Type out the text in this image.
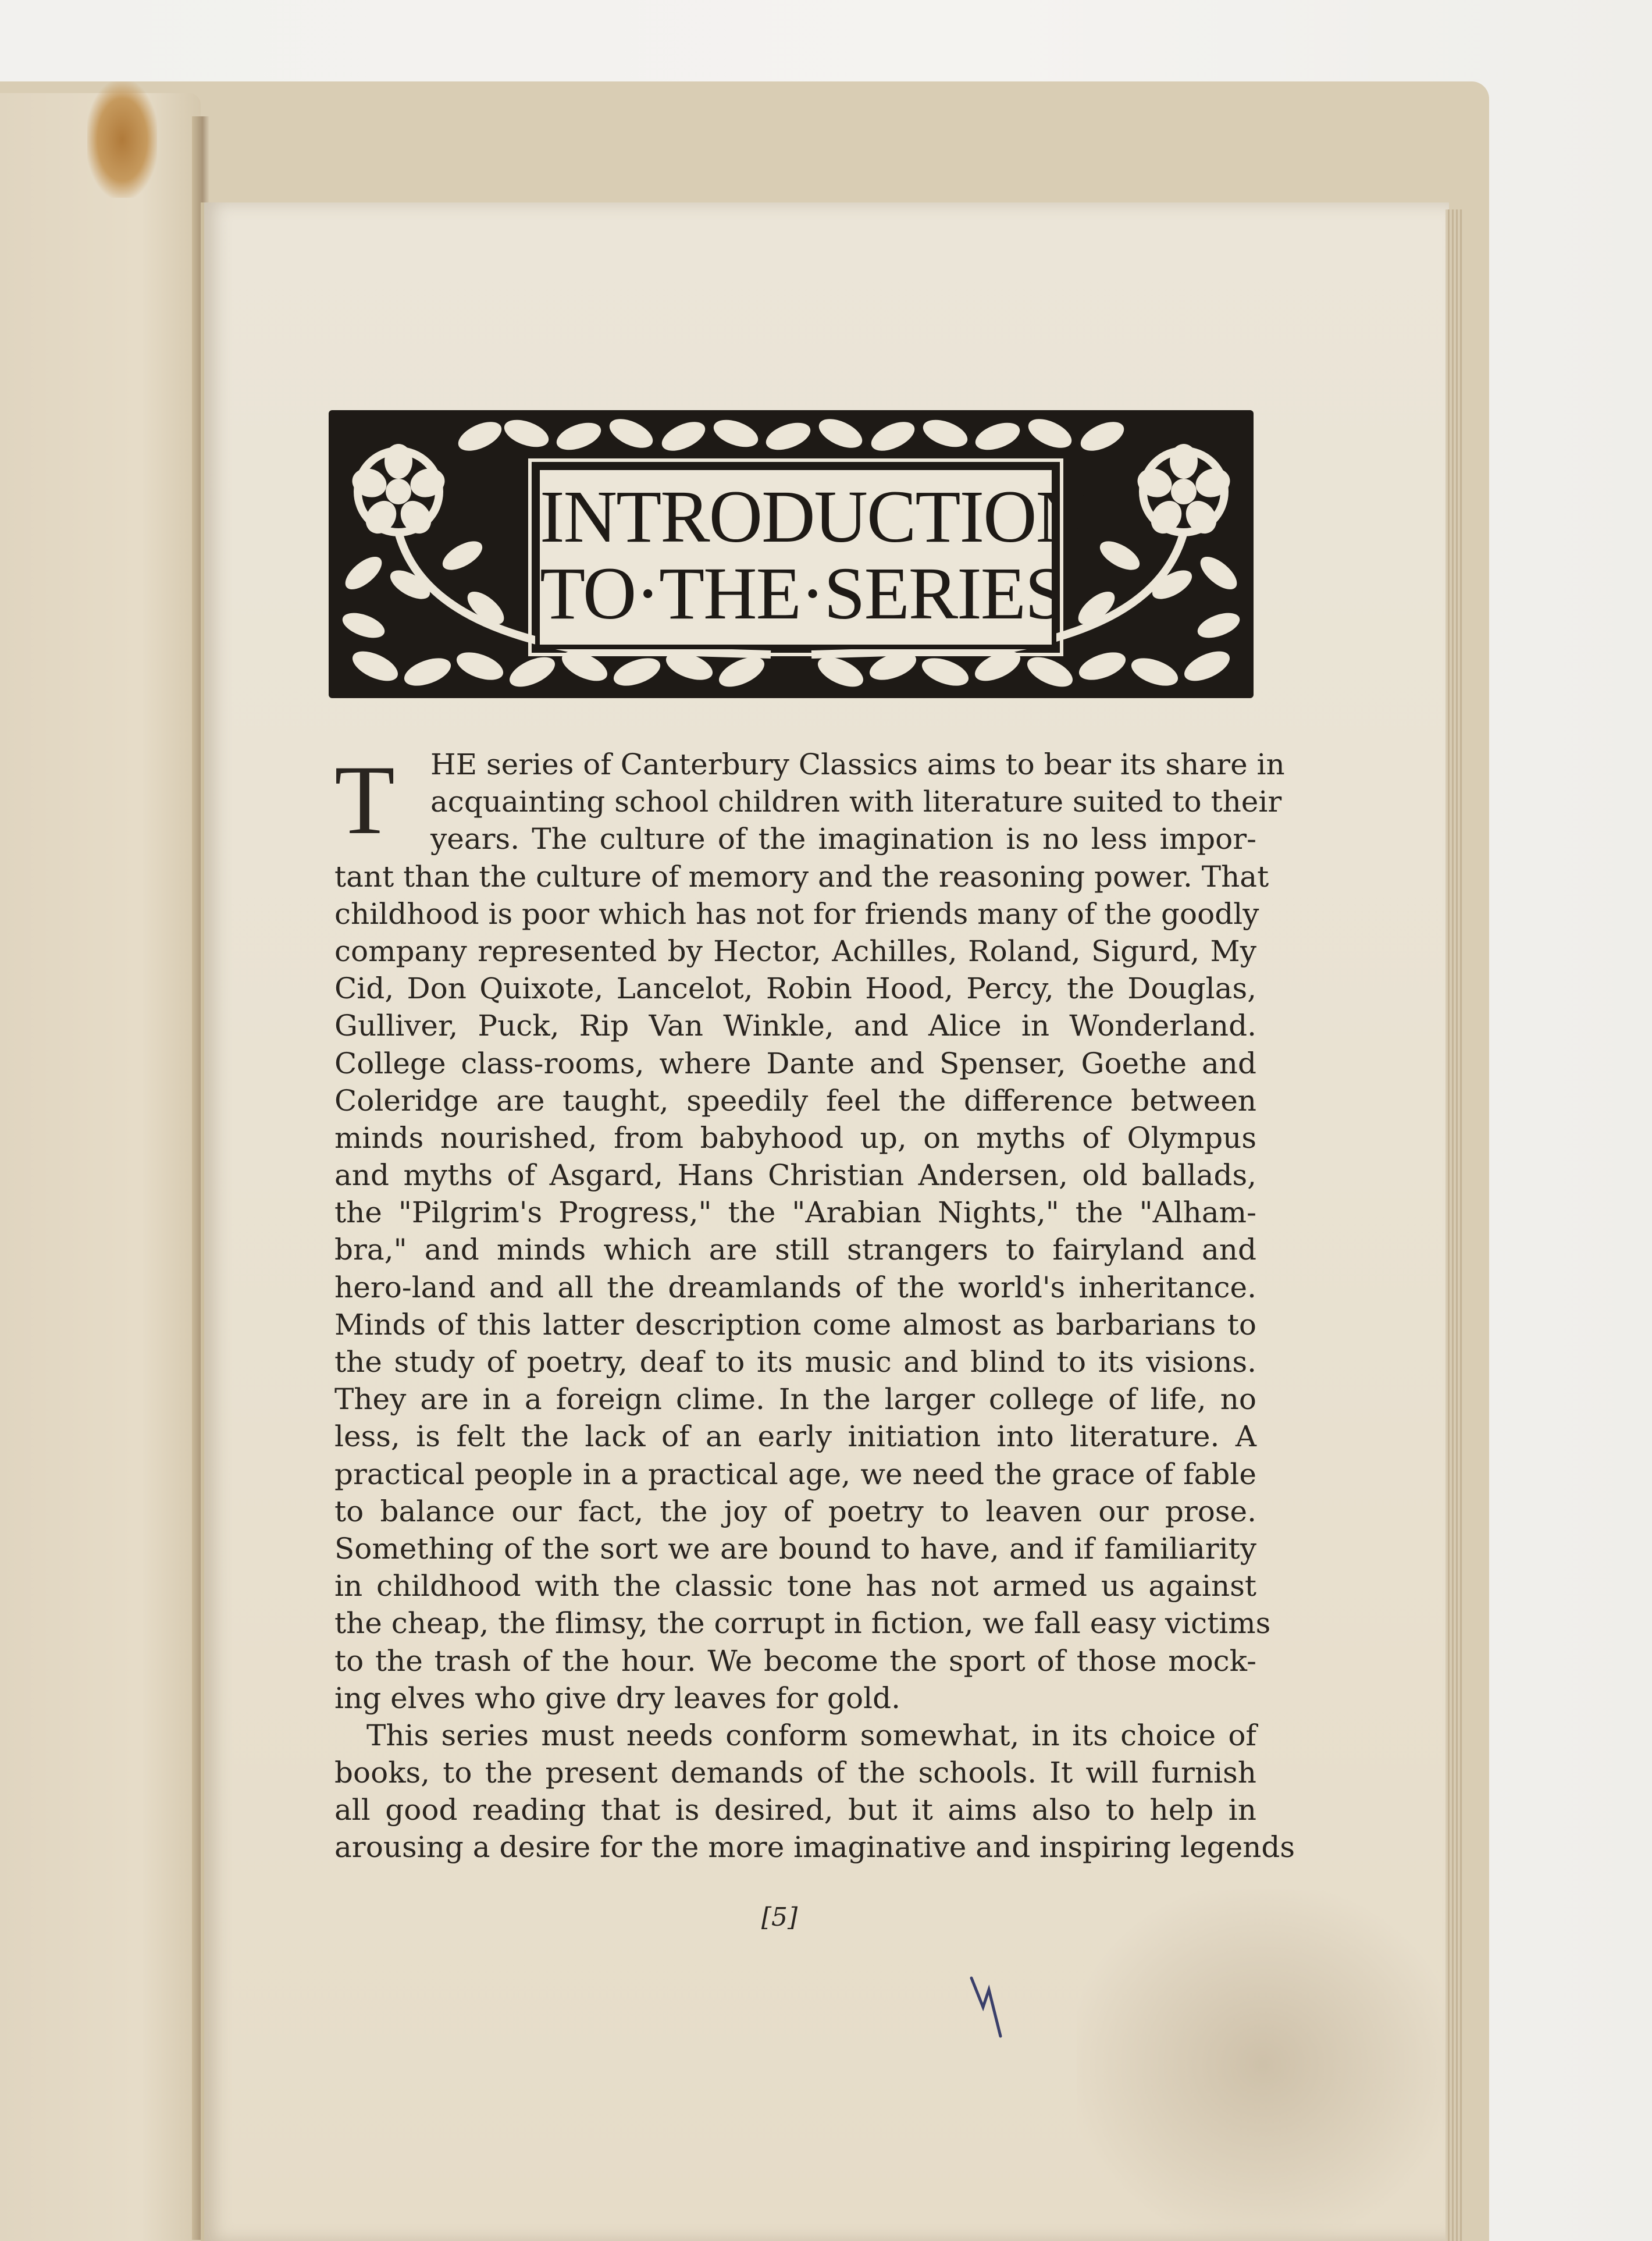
INTRODUCTION
TO·THE·SERIES
T	HE series of Canterbury Classics aims to bear its share in
acquainting school children with literature suited to their
years. The culture of the imagination is no less impor-
tant than the culture of memory and the reasoning power. That
childhood is poor which has not for friends many of the goodly
company represented by Hector, Achilles, Roland, Sigurd, My
Cid, Don Quixote, Lancelot, Robin Hood, Percy, the Douglas,
Gulliver, Puck, Rip Van Winkle, and Alice in Wonderland.
College class-rooms, where Dante and Spenser, Goethe and
Coleridge are taught, speedily feel the difference between
minds nourished, from babyhood up, on myths of Olympus
and myths of Asgard, Hans Christian Andersen, old ballads,
the "Pilgrim's Progress," the "Arabian Nights," the "Alham-
bra," and minds which are still strangers to fairyland and
hero-land and all the dreamlands of the world's inheritance.
Minds of this latter description come almost as barbarians to
the study of poetry, deaf to its music and blind to its visions.
They are in a foreign clime. In the larger college of life, no
less, is felt the lack of an early initiation into literature. A
practical people in a practical age, we need the grace of fable
to balance our fact, the joy of poetry to leaven our prose.
Something of the sort we are bound to have, and if familiarity
in childhood with the classic tone has not armed us against
the cheap, the flimsy, the corrupt in fiction, we fall easy victims
to the trash of the hour. We become the sport of those mock-
ing elves who give dry leaves for gold.
This series must needs conform somewhat, in its choice of
books, to the present demands of the schools. It will furnish
all good reading that is desired, but it aims also to help in
arousing a desire for the more imaginative and inspiring legends
[5]
